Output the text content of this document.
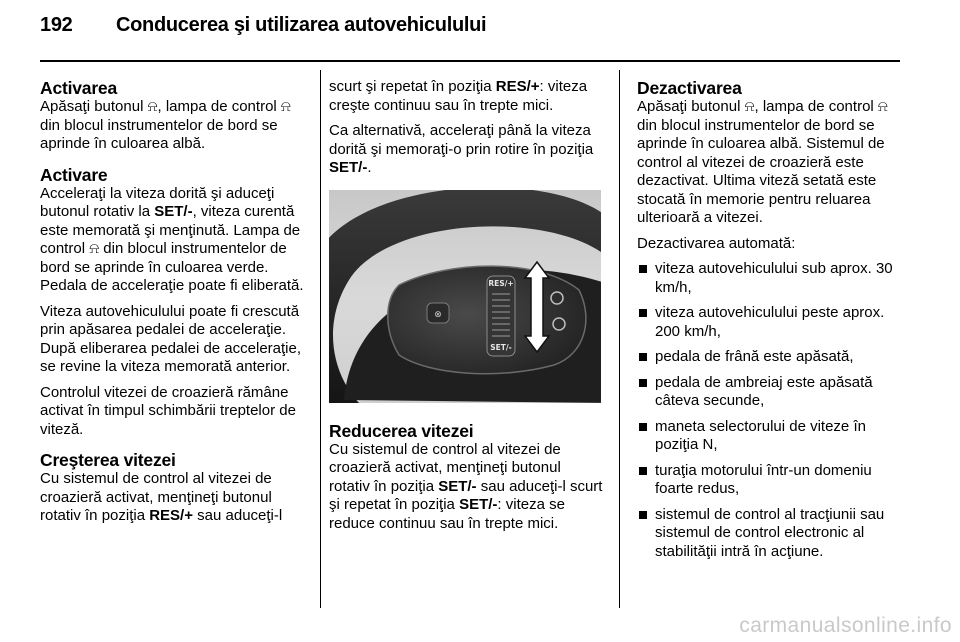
192 Conducerea şi utilizarea autovehiculului
Activarea

Apăsaţi butonul ⍾, lampa de control ⍾ din blocul instrumentelor de bord se aprinde în culoarea albă.

Activare

Acceleraţi la viteza dorită şi aduceţi butonul rotativ la SET/-, viteza curentă este memorată şi menţinută. Lampa de control ⍾ din blocul instrumentelor de bord se aprinde în culoarea verde. Pedala de acceleraţie poate fi eliberată.

Viteza autovehiculului poate fi crescută prin apăsarea pedalei de acceleraţie. După eliberarea pedalei de acceleraţie, se revine la viteza memorată anterior.

Controlul vitezei de croazieră rămâne activat în timpul schimbării treptelor de viteză.

Creşterea vitezei

Cu sistemul de control al vitezei de croazieră activat, menţineţi butonul rotativ în poziţia RES/+ sau aduceţi-l

scurt şi repetat în poziţia RES/+: viteza creşte continuu sau în trepte mici.

Ca alternativă, acceleraţi până la viteza dorită şi memoraţi-o prin rotire în poziţia SET/-.

⊗
RES/+
SET/-
Reducerea vitezei

Cu sistemul de control al vitezei de croazieră activat, menţineţi butonul rotativ în poziţia SET/- sau aduceţi-l scurt şi repetat în poziţia SET/-: viteza se reduce continuu sau în trepte mici.

Dezactivarea

Apăsaţi butonul ⍾, lampa de control ⍾ din blocul instrumentelor de bord se aprinde în culoarea albă. Sistemul de control al vitezei de croazieră este dezactivat. Ultima viteză setată este stocată în memorie pentru reluarea ulterioară a vitezei.

Dezactivarea automată:

viteza autovehiculului sub aprox. 30 km/h,
viteza autovehiculului peste aprox. 200 km/h,
pedala de frână este apăsată,
pedala de ambreiaj este apăsată câteva secunde,
maneta selectorului de viteze în poziţia N,
turaţia motorului într-un domeniu foarte redus,
sistemul de control al tracţiunii sau sistemul de control electronic al stabilităţii intră în acţiune.
carmanualsonline.info
